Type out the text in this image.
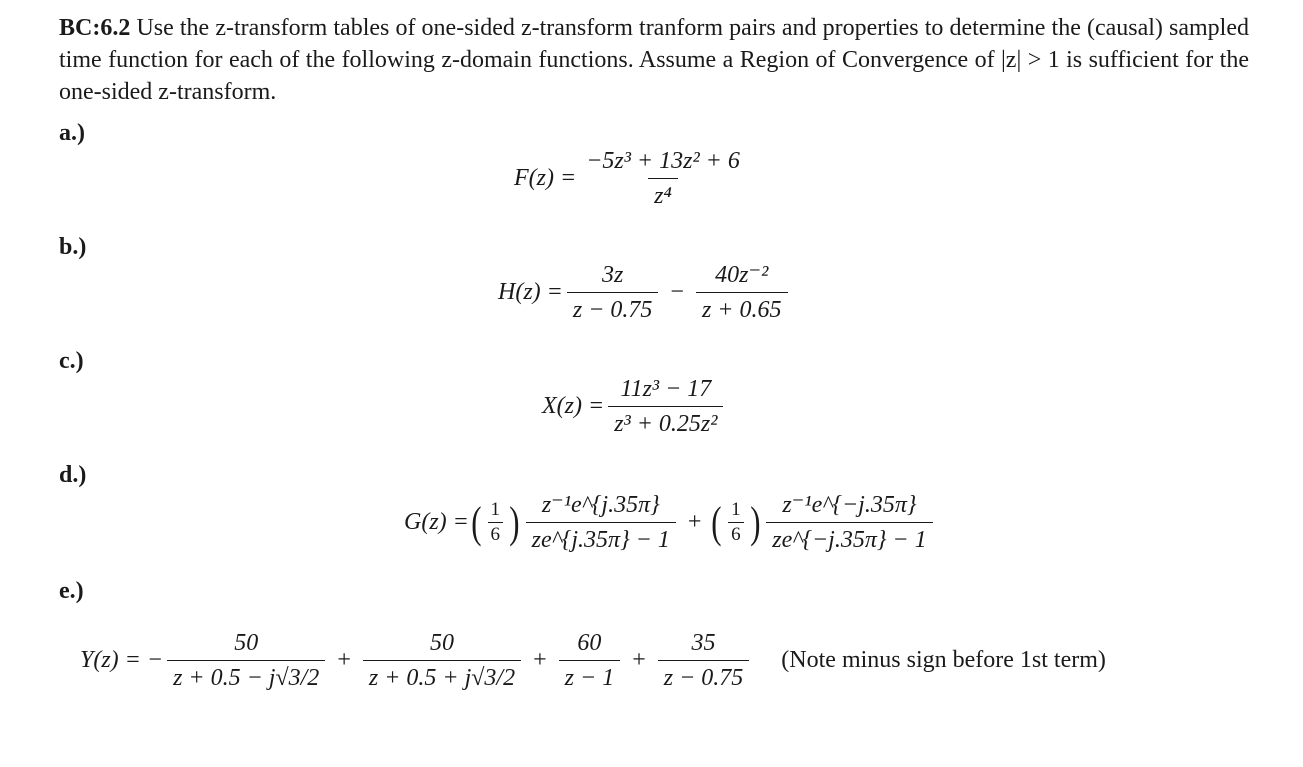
BC:6.2 Use the z-transform tables of one-sided z-transform tranform pairs and properties to determine the (causal) sampled time function for each of the following z-domain functions. Assume a Region of Convergence of |z| > 1 is sufficient for the one-sided z-transform.
a.)
$F(z) = \frac{\text{−5z³ + 13z² + 6}}{\text{z⁴}}$
b.)
$H(z) = \frac{3z}{z - 0.75} - \frac{\text{40z⁻²}}{z + 0.65}$
c.)
$X(z) = \frac{\text{11z³ − 17}}{\text{z³ + 0.25z²}}$
d.)
G(z) = ( $\frac{1}{6}$ ) $\frac{\text{z⁻¹e\textasciicircum{}\{j.35π\}}}{ze\^{}\{j.35\pi\} - 1}$ + ( $\frac{1}{6}$ ) $\frac{\text{z⁻¹e\textasciicircum{}\{−j.35π\}}}{ze\^{}\{-j.35\pi\} - 1}$
e.)
Y(z) = − $\frac{50}{z + 0.5 - j√3/2} + \frac{50}{z + 0.5 + j√3/2} + \frac{60}{z - 1} + \frac{35}{z - 0.75}$ (Note minus sign before 1st term)
